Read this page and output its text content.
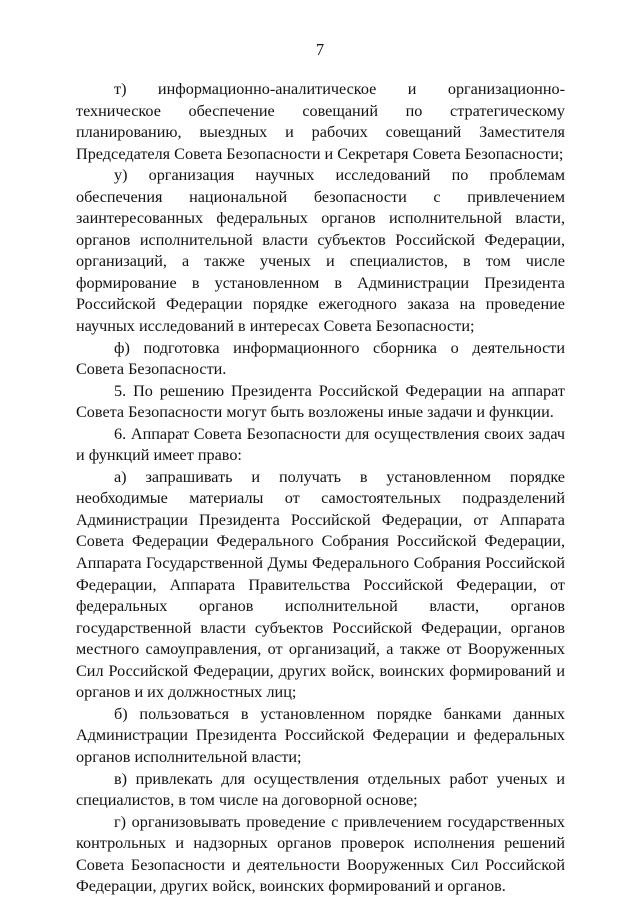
7

т) информационно-аналитическое и организационно-техническое обеспечение совещаний по стратегическому планированию, выездных и рабочих совещаний Заместителя Председателя Совета Безопасности и Секретаря Совета Безопасности;

у) организация научных исследований по проблемам обеспечения национальной безопасности с привлечением заинтересованных федеральных органов исполнительной власти, органов исполнительной власти субъектов Российской Федерации, организаций, а также ученых и специалистов, в том числе формирование в установленном в Администрации Президента Российской Федерации порядке ежегодного заказа на проведение научных исследований в интересах Совета Безопасности;

ф) подготовка информационного сборника о деятельности Совета Безопасности.

5. По решению Президента Российской Федерации на аппарат Совета Безопасности могут быть возложены иные задачи и функции.

6. Аппарат Совета Безопасности для осуществления своих задач и функций имеет право:

а) запрашивать и получать в установленном порядке необходимые материалы от самостоятельных подразделений Администрации Президента Российской Федерации, от Аппарата Совета Федерации Федерального Собрания Российской Федерации, Аппарата Государственной Думы Федерального Собрания Российской Федерации, Аппарата Правительства Российской Федерации, от федеральных органов исполнительной власти, органов государственной власти субъектов Российской Федерации, органов местного самоуправления, от организаций, а также от Вооруженных Сил Российской Федерации, других войск, воинских формирований и органов и их должностных лиц;

б) пользоваться в установленном порядке банками данных Администрации Президента Российской Федерации и федеральных органов исполнительной власти;

в) привлекать для осуществления отдельных работ ученых и специалистов, в том числе на договорной основе;

г) организовывать проведение с привлечением государственных контрольных и надзорных органов проверок исполнения решений Совета Безопасности и деятельности Вооруженных Сил Российской Федерации, других войск, воинских формирований и органов.
